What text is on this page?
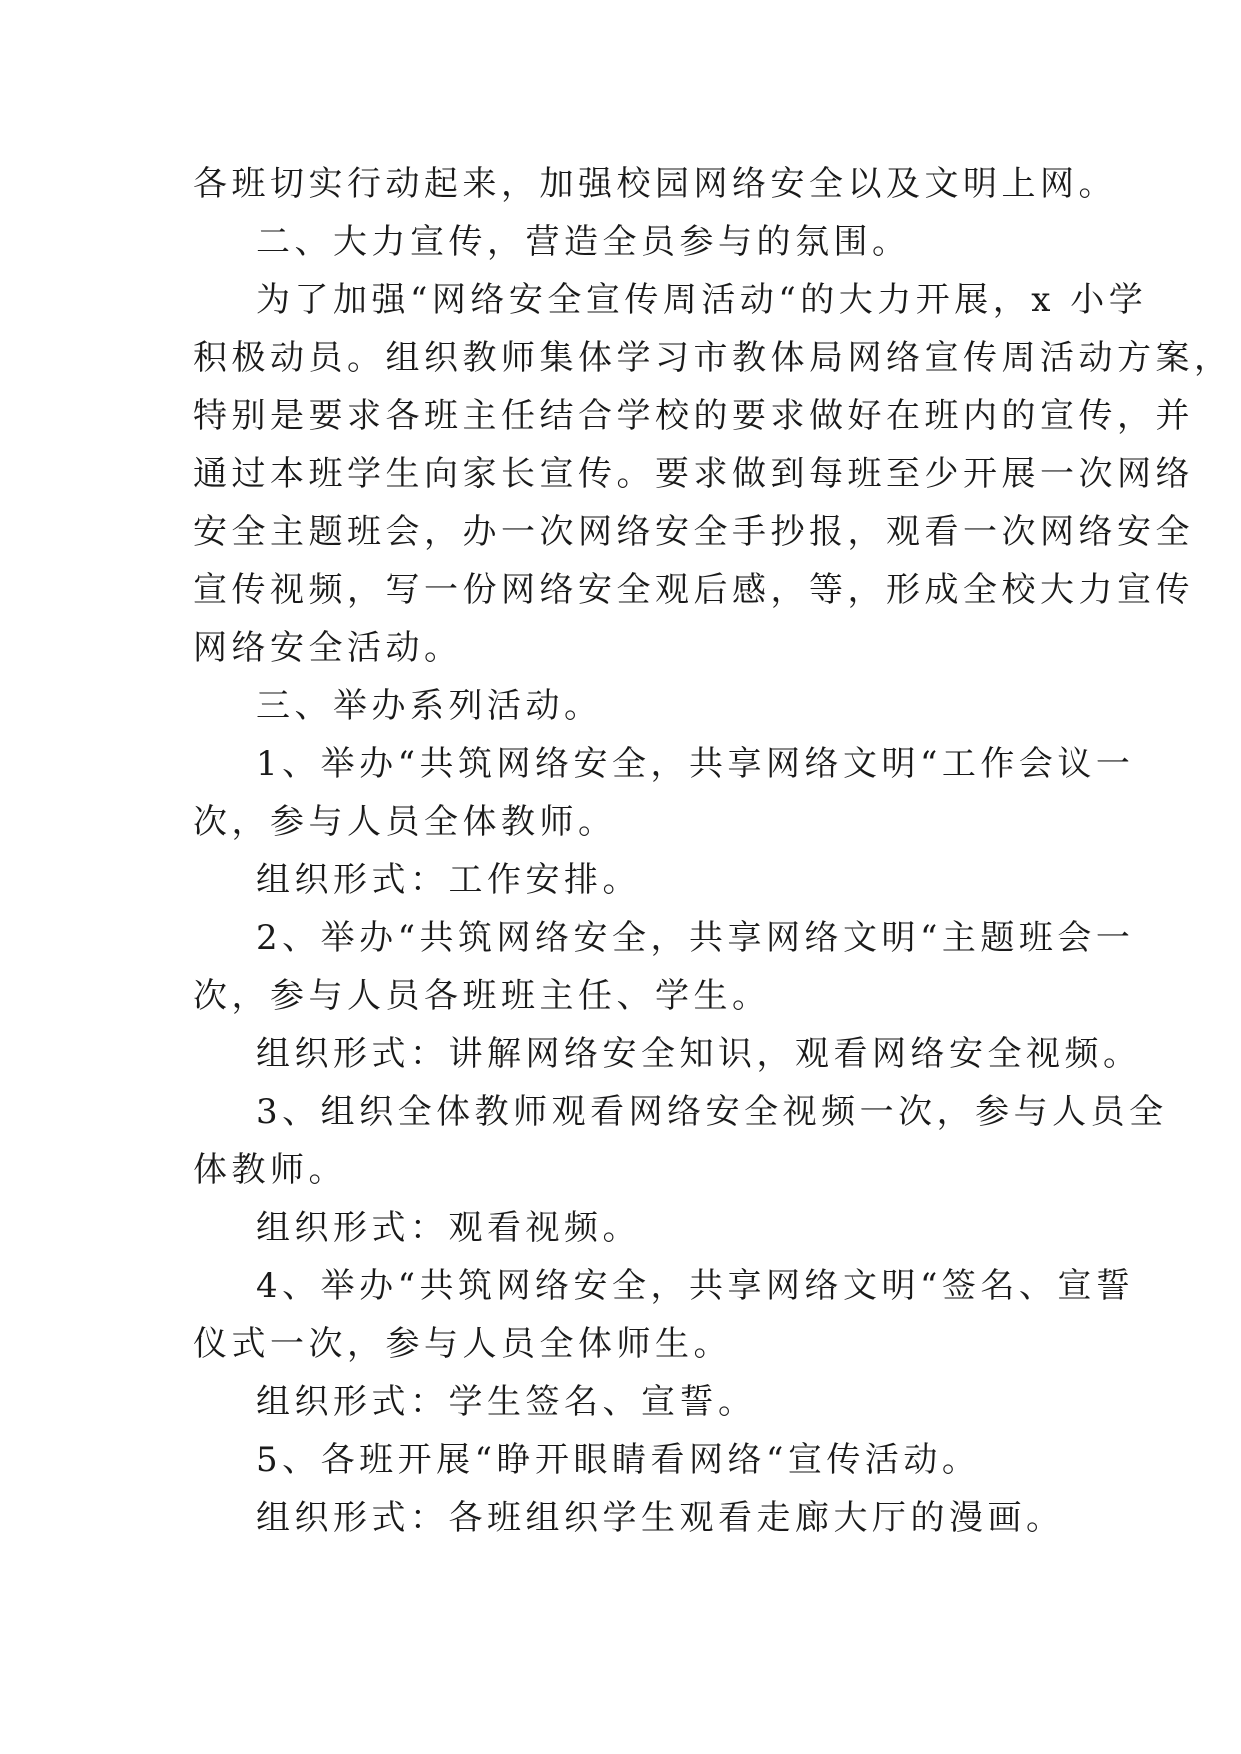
各班切实行动起来，加强校园网络安全以及文明上网。
二、大力宣传，营造全员参与的氛围。
为了加强“网络安全宣传周活动“的大力开展，x 小学
积极动员。组织教师集体学习市教体局网络宣传周活动方案，
特别是要求各班主任结合学校的要求做好在班内的宣传，并
通过本班学生向家长宣传。要求做到每班至少开展一次网络
安全主题班会，办一次网络安全手抄报，观看一次网络安全
宣传视频，写一份网络安全观后感，等，形成全校大力宣传
网络安全活动。
三、举办系列活动。
1、举办“共筑网络安全，共享网络文明“工作会议一
次，参与人员全体教师。
组织形式：工作安排。
2、举办“共筑网络安全，共享网络文明“主题班会一
次，参与人员各班班主任、学生。
组织形式：讲解网络安全知识，观看网络安全视频。
3、组织全体教师观看网络安全视频一次，参与人员全
体教师。
组织形式：观看视频。
4、举办“共筑网络安全，共享网络文明“签名、宣誓
仪式一次，参与人员全体师生。
组织形式：学生签名、宣誓。
5、各班开展“睁开眼睛看网络“宣传活动。
组织形式：各班组织学生观看走廊大厅的漫画。
